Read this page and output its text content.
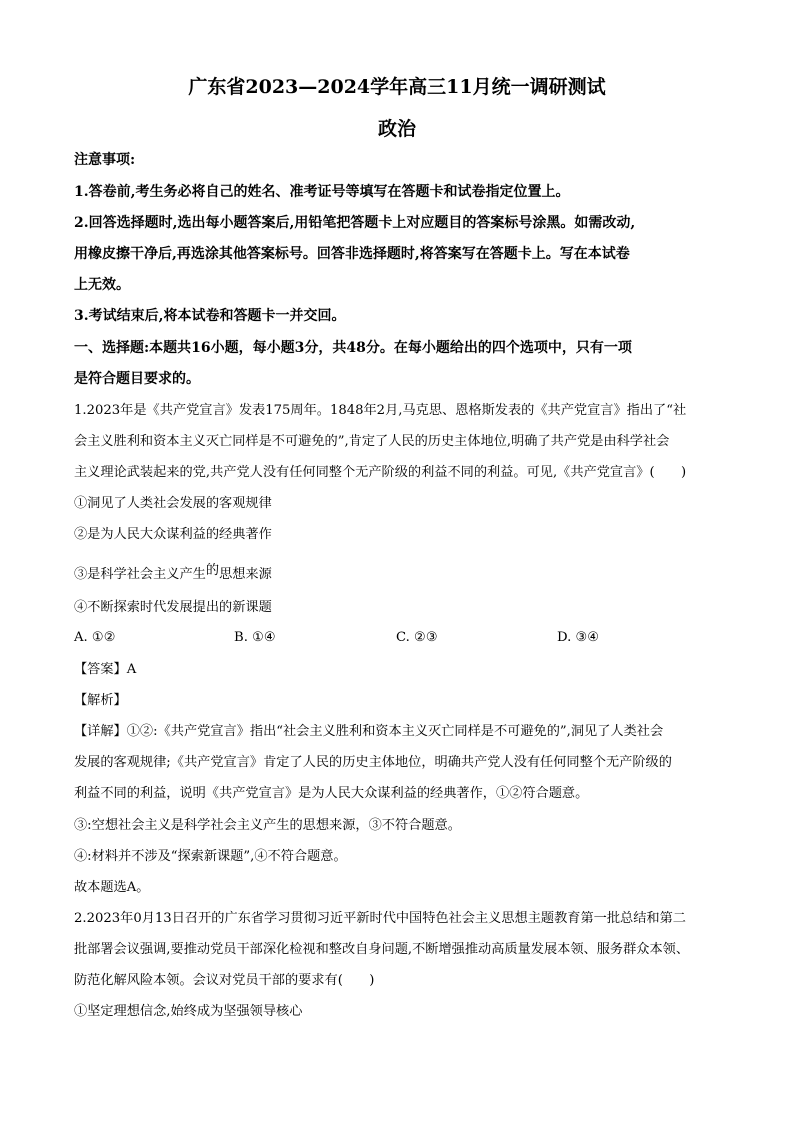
广东省2023—2024学年高三11月统一调研测试
政治
注意事项:
1.答卷前,考生务必将自己的姓名、准考证号等填写在答题卡和试卷指定位置上。
2.回答选择题时,选出每小题答案后,用铅笔把答题卡上对应题目的答案标号涂黑。如需改动,
用橡皮擦干净后,再选涂其他答案标号。回答非选择题时,将答案写在答题卡上。写在本试卷
上无效。
3.考试结束后,将本试卷和答题卡一并交回。
一、选择题:本题共16小题，每小题3分，共48分。在每小题给出的四个选项中，只有一项
是符合题目要求的。
1.2023年是《共产党宣言》发表175周年。1848年2月,马克思、恩格斯发表的《共产党宣言》指出了“社
会主义胜利和资本主义灭亡同样是不可避免的”,肯定了人民的历史主体地位,明确了共产党是由科学社会
主义理论武装起来的党,共产党人没有任何同整个无产阶级的利益不同的利益。可见,《共产党宣言》(　　)
①洞见了人类社会发展的客观规律
②是为人民大众谋利益的经典著作
③是科学社会主义产生的思想来源
④不断探索时代发展提出的新课题
A. ①②	B. ①④	C. ②③	D. ③④
【答案】A
【解析】
【详解】①②:《共产党宣言》指出“社会主义胜利和资本主义灭亡同样是不可避免的”,洞见了人类社会
发展的客观规律;《共产党宣言》肯定了人民的历史主体地位，明确共产党人没有任何同整个无产阶级的
利益不同的利益，说明《共产党宣言》是为人民大众谋利益的经典著作，①②符合题意。
③:空想社会主义是科学社会主义产生的思想来源，③不符合题意。
④:材料并不涉及“探索新课题”,④不符合题意。
故本题选A。
2.2023年0月13日召开的广东省学习贯彻习近平新时代中国特色社会主义思想主题教育第一批总结和第二
批部署会议强调,要推动党员干部深化检视和整改自身问题,不断增强推动高质量发展本领、服务群众本领、
防范化解风险本领。会议对党员干部的要求有(　　)
①坚定理想信念,始终成为坚强领导核心
